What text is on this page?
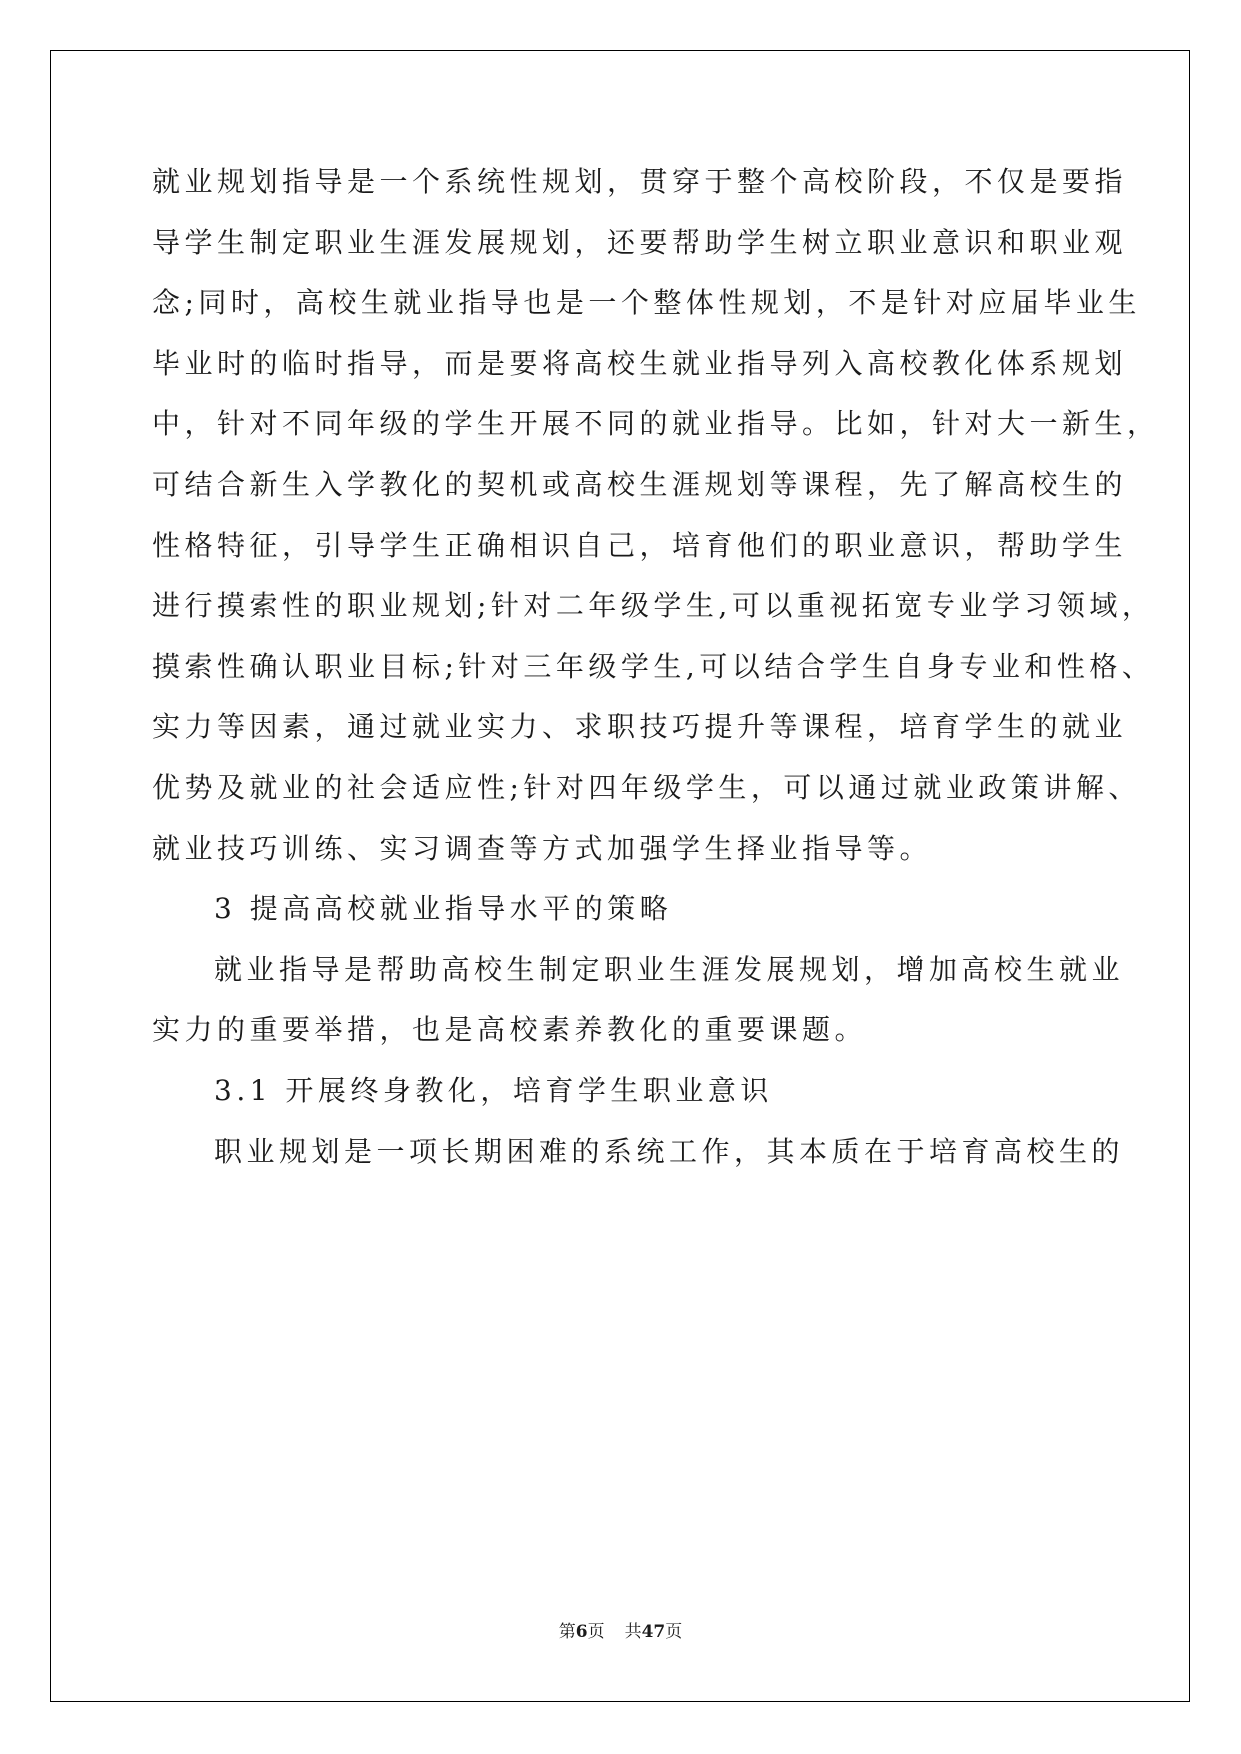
就业规划指导是一个系统性规划，贯穿于整个高校阶段，不仅是要指
导学生制定职业生涯发展规划，还要帮助学生树立职业意识和职业观
念;同时，高校生就业指导也是一个整体性规划，不是针对应届毕业生
毕业时的临时指导，而是要将高校生就业指导列入高校教化体系规划
中，针对不同年级的学生开展不同的就业指导。比如，针对大一新生，
可结合新生入学教化的契机或高校生涯规划等课程，先了解高校生的
性格特征，引导学生正确相识自己，培育他们的职业意识，帮助学生
进行摸索性的职业规划;针对二年级学生,可以重视拓宽专业学习领域，
摸索性确认职业目标;针对三年级学生,可以结合学生自身专业和性格、
实力等因素，通过就业实力、求职技巧提升等课程，培育学生的就业
优势及就业的社会适应性;针对四年级学生，可以通过就业政策讲解、
就业技巧训练、实习调查等方式加强学生择业指导等。
3 提高高校就业指导水平的策略
就业指导是帮助高校生制定职业生涯发展规划，增加高校生就业
实力的重要举措，也是高校素养教化的重要课题。
3.1 开展终身教化，培育学生职业意识
职业规划是一项长期困难的系统工作，其本质在于培育高校生的
第6页 共47页
